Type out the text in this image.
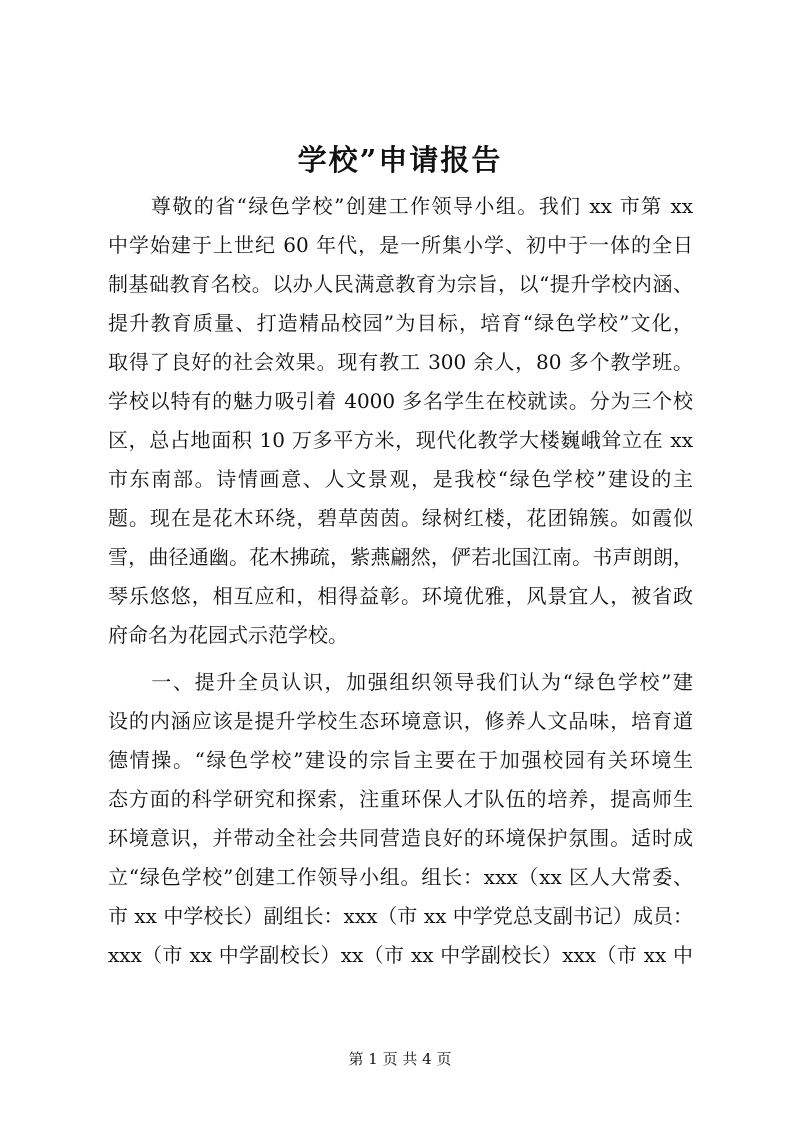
学校”申请报告
　　尊敬的省“绿色学校”创建工作领导小组。我们 xx 市第 xx
中学始建于上世纪 60 年代，是一所集小学、初中于一体的全日
制基础教育名校。以办人民满意教育为宗旨，以“提升学校内涵、
提升教育质量、打造精品校园”为目标，培育“绿色学校”文化，
取得了良好的社会效果。现有教工 300 余人，80 多个教学班。
学校以特有的魅力吸引着 4000 多名学生在校就读。分为三个校
区，总占地面积 10 万多平方米，现代化教学大楼巍峨耸立在 xx
市东南部。诗情画意、人文景观，是我校“绿色学校”建设的主
题。现在是花木环绕，碧草茵茵。绿树红楼，花团锦簇。如霞似
雪，曲径通幽。花木拂疏，紫燕翩然，俨若北国江南。书声朗朗，
琴乐悠悠，相互应和，相得益彰。环境优雅，风景宜人，被省政
府命名为花园式示范学校。
　　一、提升全员认识，加强组织领导我们认为“绿色学校”建
设的内涵应该是提升学校生态环境意识，修养人文品味，培育道
德情操。“绿色学校”建设的宗旨主要在于加强校园有关环境生
态方面的科学研究和探索，注重环保人才队伍的培养，提高师生
环境意识，并带动全社会共同营造良好的环境保护氛围。适时成
立“绿色学校”创建工作领导小组。组长：xxx（xx 区人大常委、
市 xx 中学校长）副组长：xxx（市 xx 中学党总支副书记）成员：
xxx（市 xx 中学副校长）xx（市 xx 中学副校长）xxx（市 xx 中
第 1 页 共 4 页
